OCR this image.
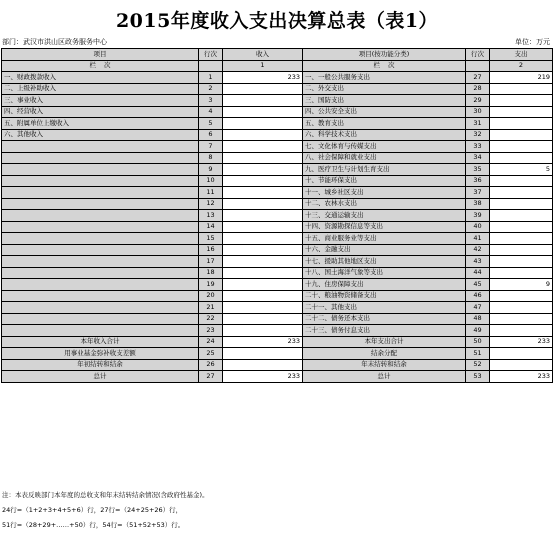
2015年度收入支出决算总表（表1）
部门：武汉市洪山区政务服务中心	单位：万元
项目	行次	收入	项目(按功能分类)	行次	支出
栏次		1	栏次		2
一、财政拨款收入	1	233	一、一般公共服务支出	27	219
二、上级补助收入	2		二、外交支出	28	
三、事业收入	3		三、国防支出	29	
四、经营收入	4		四、公共安全支出	30	
五、附属单位上缴收入	5		五、教育支出	31	
六、其他收入	6		六、科学技术支出	32	
	7		七、文化体育与传媒支出	33	
	8		八、社会保障和就业支出	34	
	9		九、医疗卫生与计划生育支出	35	5
	10		十、节能环保支出	36	
	11		十一、城乡社区支出	37	
	12		十二、农林水支出	38	
	13		十三、交通运输支出	39	
	14		十四、资源勘探信息等支出	40	
	15		十五、商业服务业等支出	41	
	16		十六、金融支出	42	
	17		十七、援助其他地区支出	43	
	18		十八、国土海洋气象等支出	44	
	19		十九、住房保障支出	45	9
	20		二十、粮油物资储备支出	46	
	21		二十一、其他支出	47	
	22		二十二、债务还本支出	48	
	23		二十三、债务付息支出	49	
本年收入合计	24	233	本年支出合计	50	233
用事业基金弥补收支差额	25		结余分配	51	
年初结转和结余	26		年末结转和结余	52	
总计	27	233	总计	53	233
注：本表反映部门本年度的总收支和年末结转结余情况(含政府性基金)。
24行=（1+2+3+4+5+6）行，27行=（24+25+26）行，
51行=（28+29+……+50）行，54行=（51+52+53）行。
